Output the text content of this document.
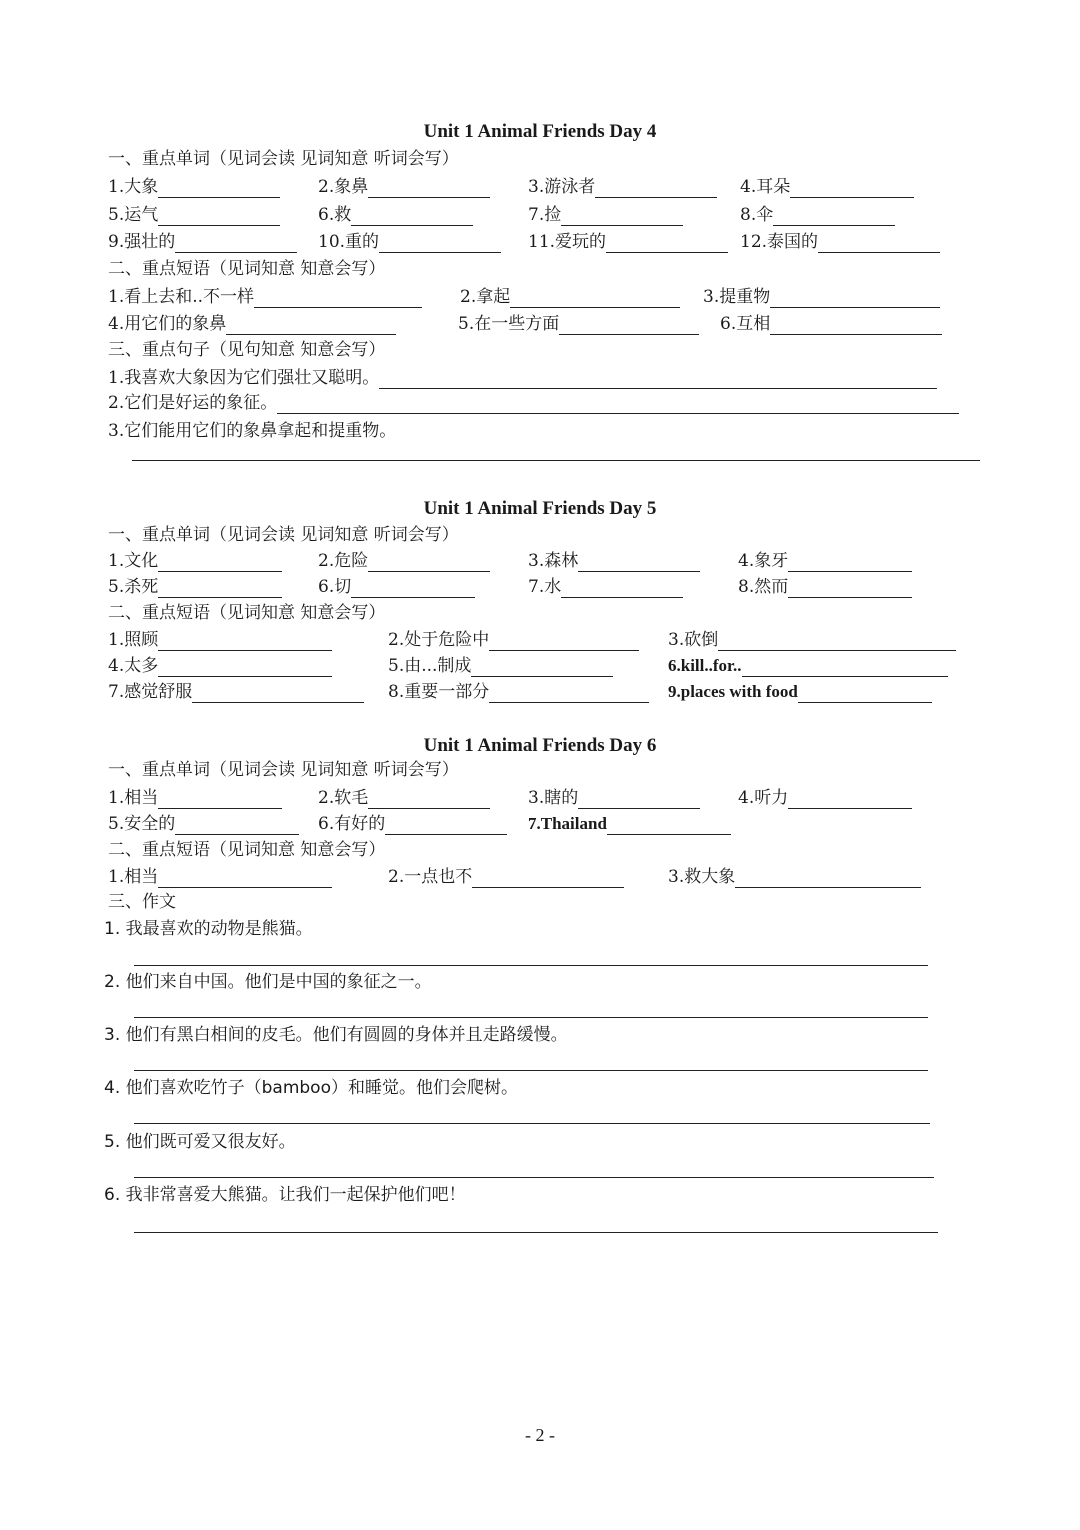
Unit 1 Animal Friends Day 4
一、重点单词（见词会读 见词知意 听词会写）
1.大象	2.象鼻	3.游泳者	4.耳朵
5.运气	6.救	7.捡	8.伞
9.强壮的	10.重的	11.爱玩的	12.泰国的
二、重点短语（见词知意 知意会写）
1.看上去和..不一样	2.拿起	3.提重物
4.用它们的象鼻	5.在一些方面	6.互相
三、重点句子（见句知意 知意会写）
1.我喜欢大象因为它们强壮又聪明。
2.它们是好运的象征。
3.它们能用它们的象鼻拿起和提重物。
Unit 1 Animal Friends Day 5
一、重点单词（见词会读 见词知意 听词会写）
1.文化	2.危险	3.森林	4.象牙
5.杀死	6.切	7.水	8.然而
二、重点短语（见词知意 知意会写）
1.照顾	2.处于危险中	3.砍倒
4.太多	5.由...制成	6.kill..for..
7.感觉舒服	8.重要一部分	9.places with food
Unit 1 Animal Friends Day 6
一、重点单词（见词会读 见词知意 听词会写）
1.相当	2.软毛	3.瞎的	4.听力
5.安全的	6.有好的	7.Thailand
二、重点短语（见词知意 知意会写）
1.相当	2.一点也不	3.救大象
三、作文
1. 我最喜欢的动物是熊猫。
2. 他们来自中国。他们是中国的象征之一。
3. 他们有黑白相间的皮毛。他们有圆圆的身体并且走路缓慢。
4. 他们喜欢吃竹子（bamboo）和睡觉。他们会爬树。
5. 他们既可爱又很友好。
6. 我非常喜爱大熊猫。让我们一起保护他们吧！
- 2 -
